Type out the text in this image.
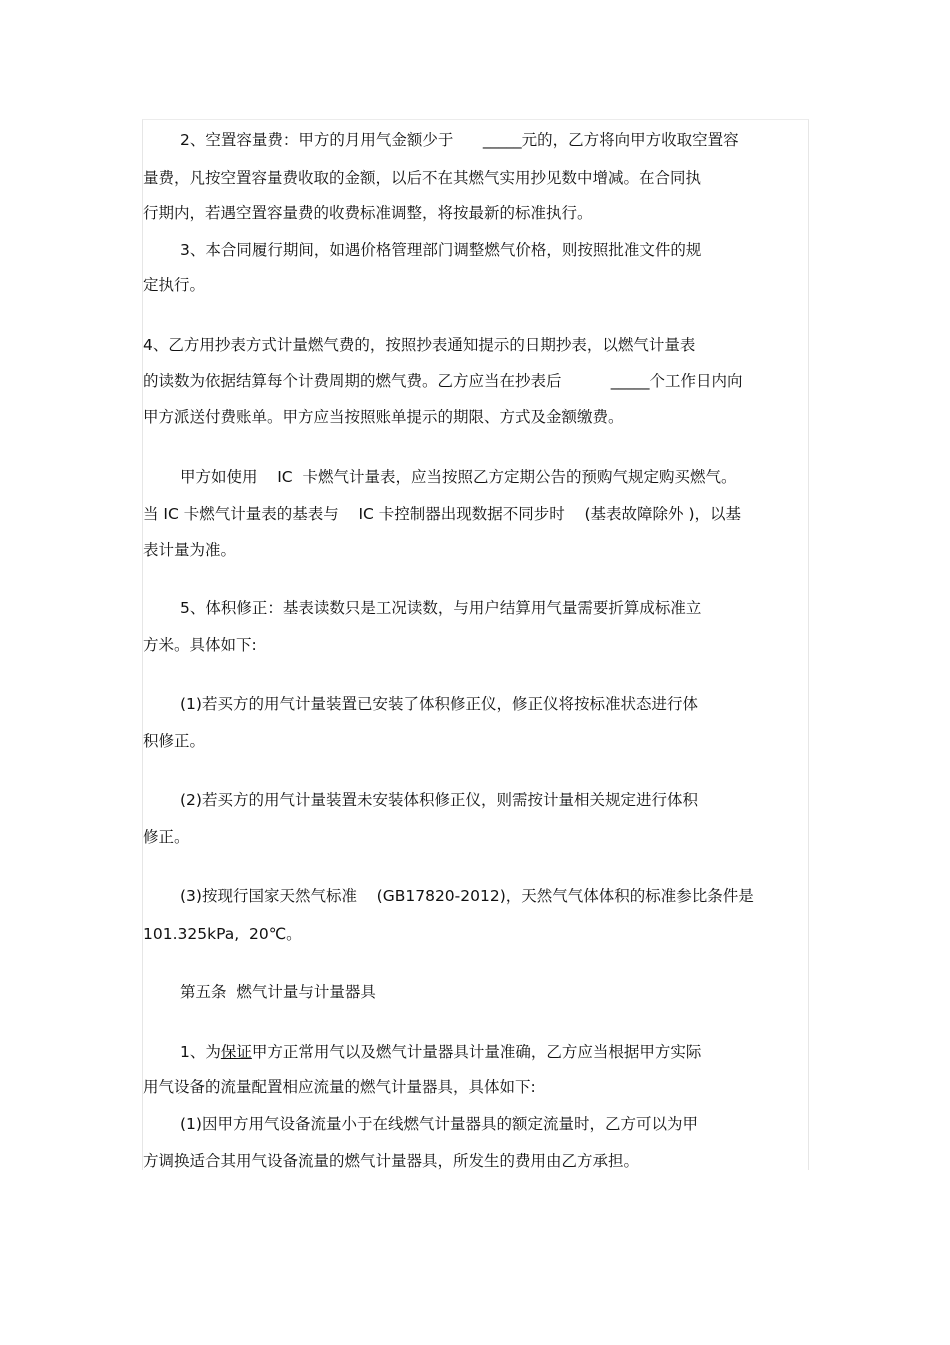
2、空置容量费：甲方的月用气金额少于      _____元的，乙方将向甲方收取空置容
量费，凡按空置容量费收取的金额，以后不在其燃气实用抄见数中增减。在合同执
行期内，若遇空置容量费的收费标准调整，将按最新的标准执行。
3、本合同履行期间，如遇价格管理部门调整燃气价格，则按照批准文件的规
定执行。
4、乙方用抄表方式计量燃气费的，按照抄表通知提示的日期抄表，以燃气计量表
的读数为依据结算每个计费周期的燃气费。乙方应当在抄表后          _____个工作日内向
甲方派送付费账单。甲方应当按照账单提示的期限、方式及金额缴费。
甲方如使用    IC  卡燃气计量表，应当按照乙方定期公告的预购气规定购买燃气。
当 IC 卡燃气计量表的基表与    IC 卡控制器出现数据不同步时    (基表故障除外 )，以基
表计量为准。
5、体积修正：基表读数只是工况读数，与用户结算用气量需要折算成标准立
方米。具体如下:
(1)若买方的用气计量装置已安装了体积修正仪，修正仪将按标准状态进行体
积修正。
(2)若买方的用气计量装置未安装体积修正仪，则需按计量相关规定进行体积
修正。
(3)按现行国家天然气标准    (GB17820-2012)，天然气气体体积的标准参比条件是
101.325kPa,  20℃。
第五条  燃气计量与计量器具
1、为保证甲方正常用气以及燃气计量器具计量准确，乙方应当根据甲方实际
用气设备的流量配置相应流量的燃气计量器具，具体如下:
(1)因甲方用气设备流量小于在线燃气计量器具的额定流量时，乙方可以为甲
方调换适合其用气设备流量的燃气计量器具，所发生的费用由乙方承担。
